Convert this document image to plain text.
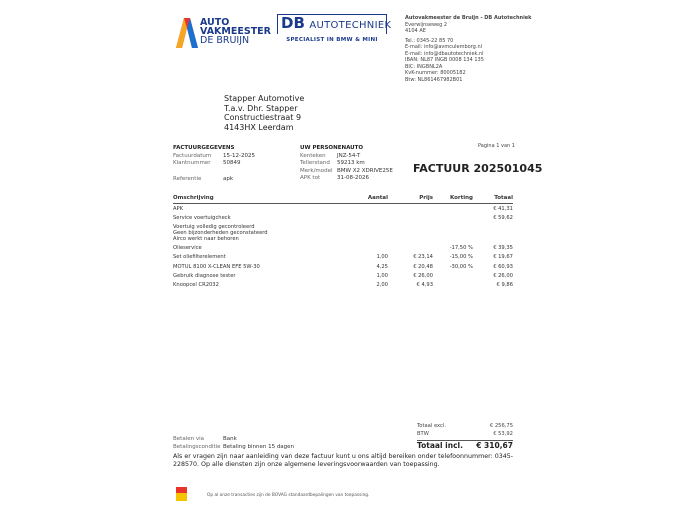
AUTO
VAKMEESTER
DE BRUIJN
DB AUTOTECHNIEK
SPECIALIST IN BMW & MINI
Autovakmeester de Bruijn - DB Autotechniek
Everwijnseweg 2
4104 AE
Tel.: 0345-22 85 70
E-mail: info@avmculemborg.nl
E-mail: info@dbautotechniek.nl
IBAN: NL87 INGB 0008 134 135
BIC: INGBNL2A
KvK-nummer: 80005182
Btw: NL861467982B01
Stapper Automotive
T.a.v. Dhr. Stapper
Constructiestraat 9
4143HX Leerdam
FACTUURGEGEVENS
Factuurdatum 15-12-2025
Klantnummer 50849
Referentie	apk
UW PERSONENAUTO
Kenteken JNZ-54-T
Tellerstand 59213 km
Merk/model BMW X2 XDRIVE25E
APK tot	31-08-2026
Pagina 1 van 1
FACTUUR 202501045
Omschrijving	Aantal	Prijs	Korting	Totaal
APK				€ 41,31
Service voertuigcheck				€ 59,62
Voertuig volledig gecontroleerd
Geen bijzonderheden geconstateerd
Airco werkt naar behoren				
Olieservice			-17,50 %	€ 39,35
Set oliefilterelement	1,00	€ 23,14	-15,00 %	€ 19,67
MOTUL 8100 X-CLEAN EFE 5W-30	4,25	€ 20,48	-30,00 %	€ 60,93
Gebruik diagnose tester	1,00	€ 26,00		€ 26,00
Knoopcel CR2032	2,00	€ 4,93		€ 9,86
Betalen via	Bank
Betalingsconditie Betaling binnen 15 dagen
Totaal excl.	€ 256,75
BTW	€ 53,92
Totaal incl. € 310,67
Als er vragen zijn naar aanleiding van deze factuur kunt u ons altijd bereiken onder telefoonnummer: 0345-228570. Op alle diensten zijn onze algemene leveringsvoorwaarden van toepassing.
Op al onze transacties zijn de BOVAG standaardbepalingen van toepassing.
